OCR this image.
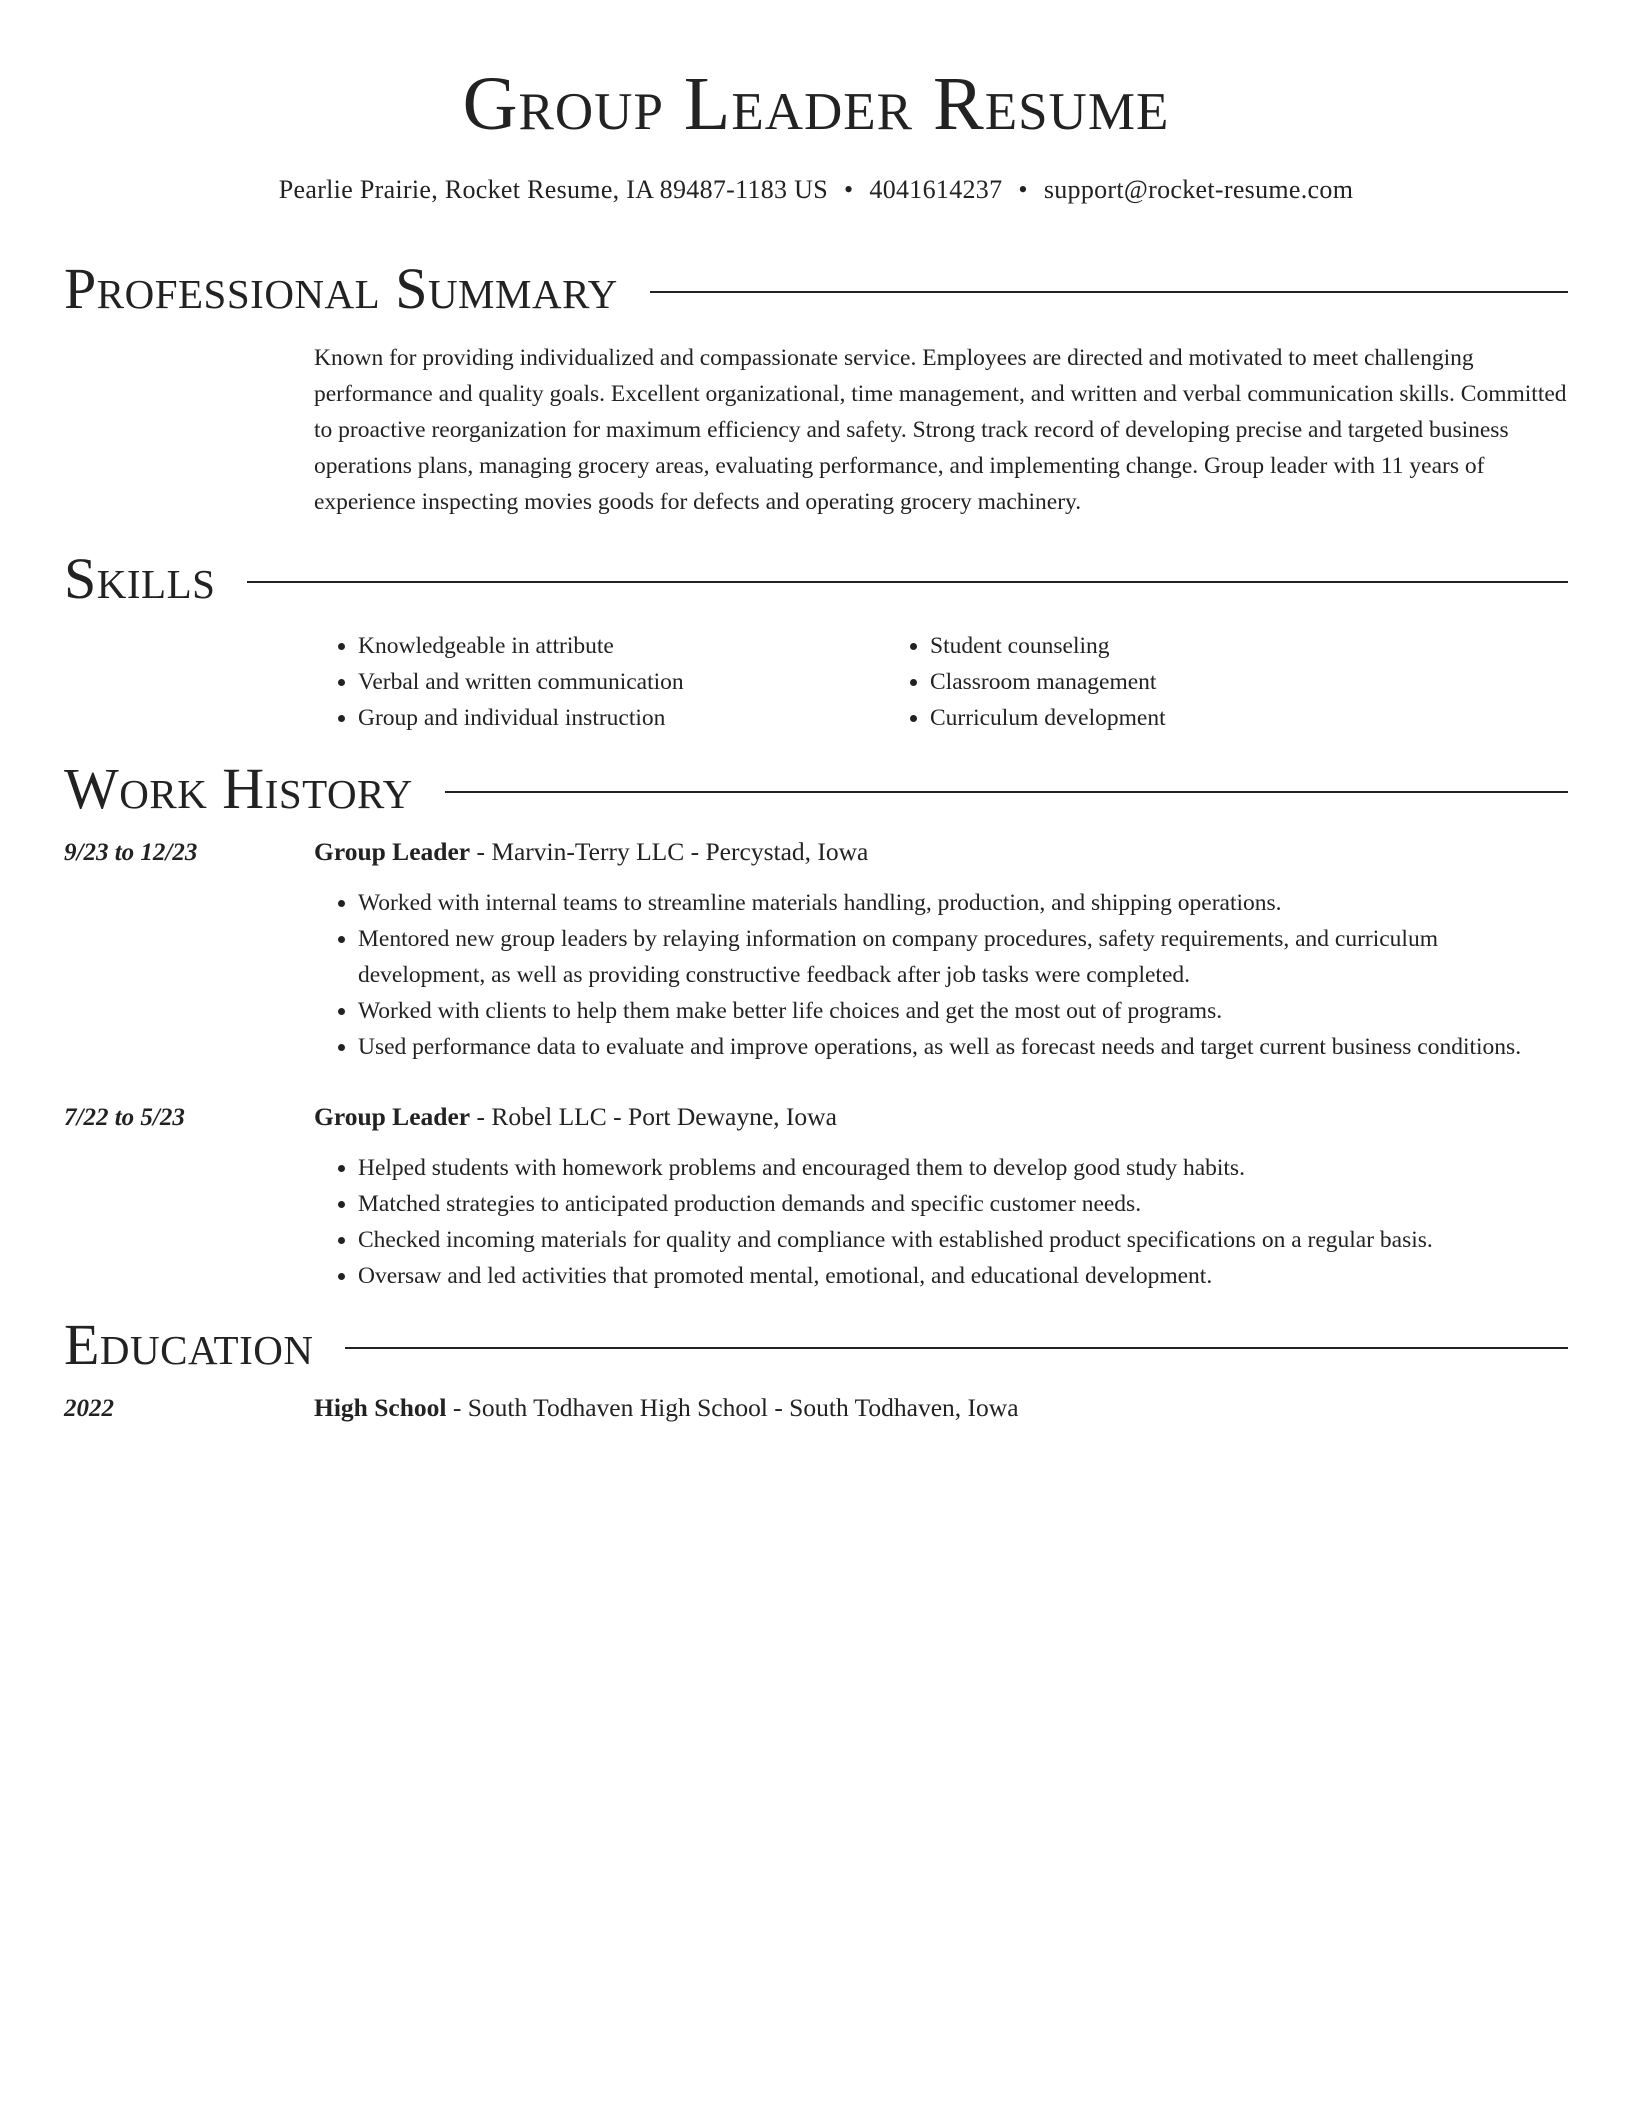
Group Leader Resume
Pearlie Prairie, Rocket Resume, IA 89487-1183 US • 4041614237 • support@rocket-resume.com
Professional Summary
Known for providing individualized and compassionate service. Employees are directed and motivated to meet challenging performance and quality goals. Excellent organizational, time management, and written and verbal communication skills. Committed to proactive reorganization for maximum efficiency and safety. Strong track record of developing precise and targeted business operations plans, managing grocery areas, evaluating performance, and implementing change. Group leader with 11 years of experience inspecting movies goods for defects and operating grocery machinery.
Skills
• Knowledgeable in attribute
• Verbal and written communication
• Group and individual instruction
• Student counseling
• Classroom management
• Curriculum development
Work History
9/23 to 12/23	Group Leader - Marvin-Terry LLC - Percystad, Iowa
• Worked with internal teams to streamline materials handling, production, and shipping operations.
• Mentored new group leaders by relaying information on company procedures, safety requirements, and curriculum development, as well as providing constructive feedback after job tasks were completed.
• Worked with clients to help them make better life choices and get the most out of programs.
• Used performance data to evaluate and improve operations, as well as forecast needs and target current business conditions.
7/22 to 5/23	Group Leader - Robel LLC - Port Dewayne, Iowa
• Helped students with homework problems and encouraged them to develop good study habits.
• Matched strategies to anticipated production demands and specific customer needs.
• Checked incoming materials for quality and compliance with established product specifications on a regular basis.
• Oversaw and led activities that promoted mental, emotional, and educational development.
Education
2022	High School - South Todhaven High School - South Todhaven, Iowa
